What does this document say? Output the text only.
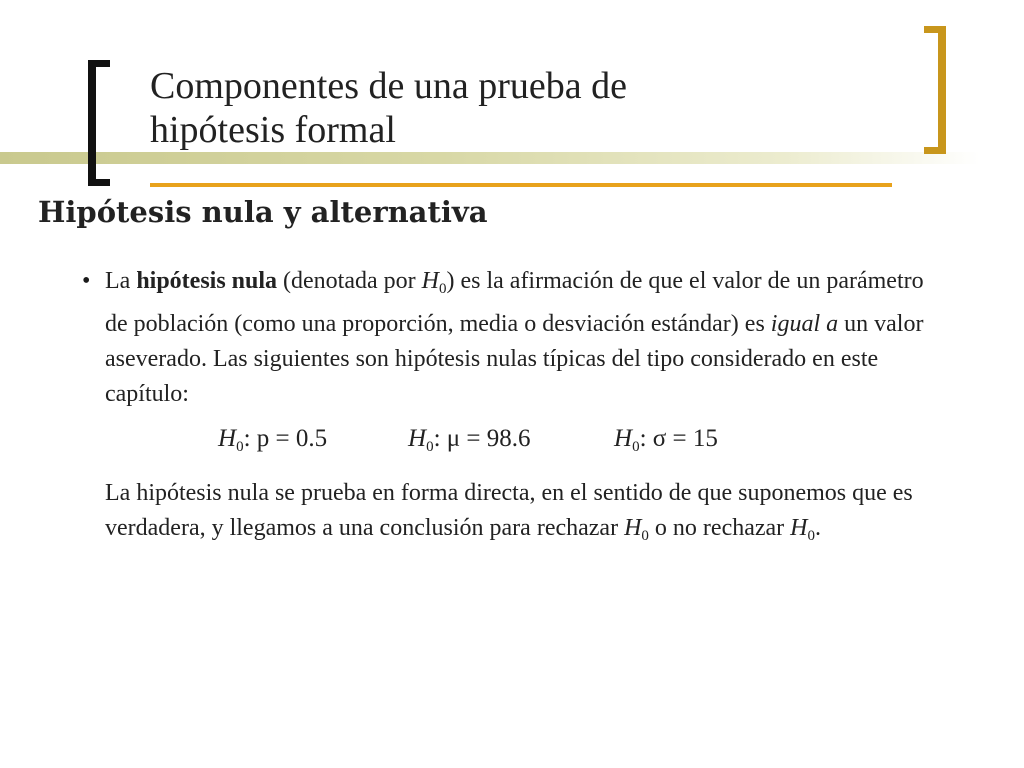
Componentes de una prueba de
hipótesis formal
Hipótesis nula y alternativa
• La hipótesis nula (denotada por $H_0$) es la afirmación de que el valor de un parámetro de población (como una proporción, media o desviación estándar) es igual a un valor aseverado. Las siguientes son hipótesis nulas típicas del tipo considerado en este capítulo:
$H_0$: p = 0.5	$H_0$: μ = 98.6	$H_0$: σ = 15
La hipótesis nula se prueba en forma directa, en el sentido de que suponemos que es verdadera, y llegamos a una conclusión para rechazar $H_0$ o no rechazar $H_0$.
